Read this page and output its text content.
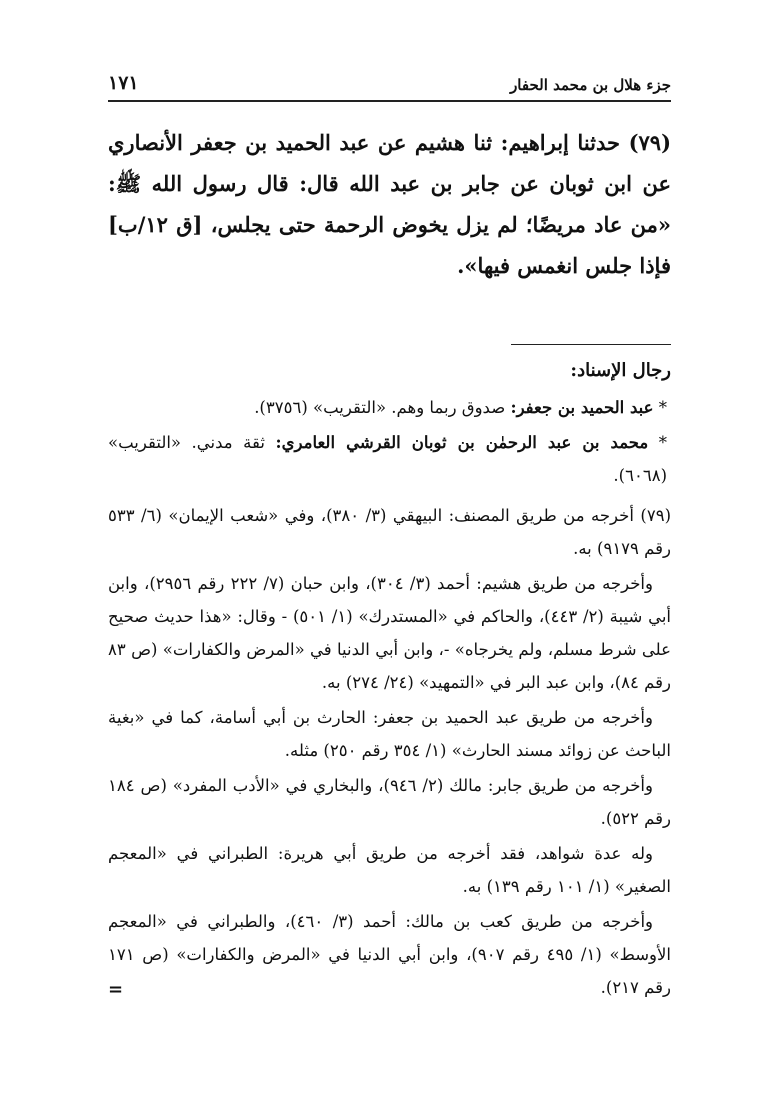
جزء هلال بن محمد الحفار
١٧١
(٧٩) حدثنا إبراهيم: ثنا هشيم عن عبد الحميد بن جعفر الأنصاري عن ابن ثوبان عن جابر بن عبد الله قال: قال رسول الله ﷺ: «من عاد مريضًا؛ لم يزل يخوض الرحمة حتى يجلس، [ق ١٢/ب] فإذا جلس انغمس فيها».

رجال الإسناد:

* عبد الحميد بن جعفر: صدوق ربما وهم. «التقريب» (٣٧٥٦).

* محمد بن عبد الرحمٰن بن ثوبان القرشي العامري: ثقة مدني. «التقريب» (٦٠٦٨).

(٧٩) أخرجه من طريق المصنف: البيهقي (٣/ ٣٨٠)، وفي «شعب الإيمان» (٦/ ٥٣٣ رقم ٩١٧٩) به.

وأخرجه من طريق هشيم: أحمد (٣/ ٣٠٤)، وابن حبان (٧/ ٢٢٢ رقم ٢٩٥٦)، وابن أبي شيبة (٢/ ٤٤٣)، والحاكم في «المستدرك» (١/ ٥٠١) - وقال: «هذا حديث صحيح على شرط مسلم، ولم يخرجاه» -، وابن أبي الدنيا في «المرض والكفارات» (ص ٨٣ رقم ٨٤)، وابن عبد البر في «التمهيد» (٢٤/ ٢٧٤) به.

وأخرجه من طريق عبد الحميد بن جعفر: الحارث بن أبي أسامة، كما في «بغية الباحث عن زوائد مسند الحارث» (١/ ٣٥٤ رقم ٢٥٠) مثله.

وأخرجه من طريق جابر: مالك (٢/ ٩٤٦)، والبخاري في «الأدب المفرد» (ص ١٨٤ رقم ٥٢٢).

وله عدة شواهد، فقد أخرجه من طريق أبي هريرة: الطبراني في «المعجم الصغير» (١/ ١٠١ رقم ١٣٩) به.

وأخرجه من طريق كعب بن مالك: أحمد (٣/ ٤٦٠)، والطبراني في «المعجم الأوسط» (١/ ٤٩٥ رقم ٩٠٧)، وابن أبي الدنيا في «المرض والكفارات» (ص ١٧١ رقم ٢١٧).

=
